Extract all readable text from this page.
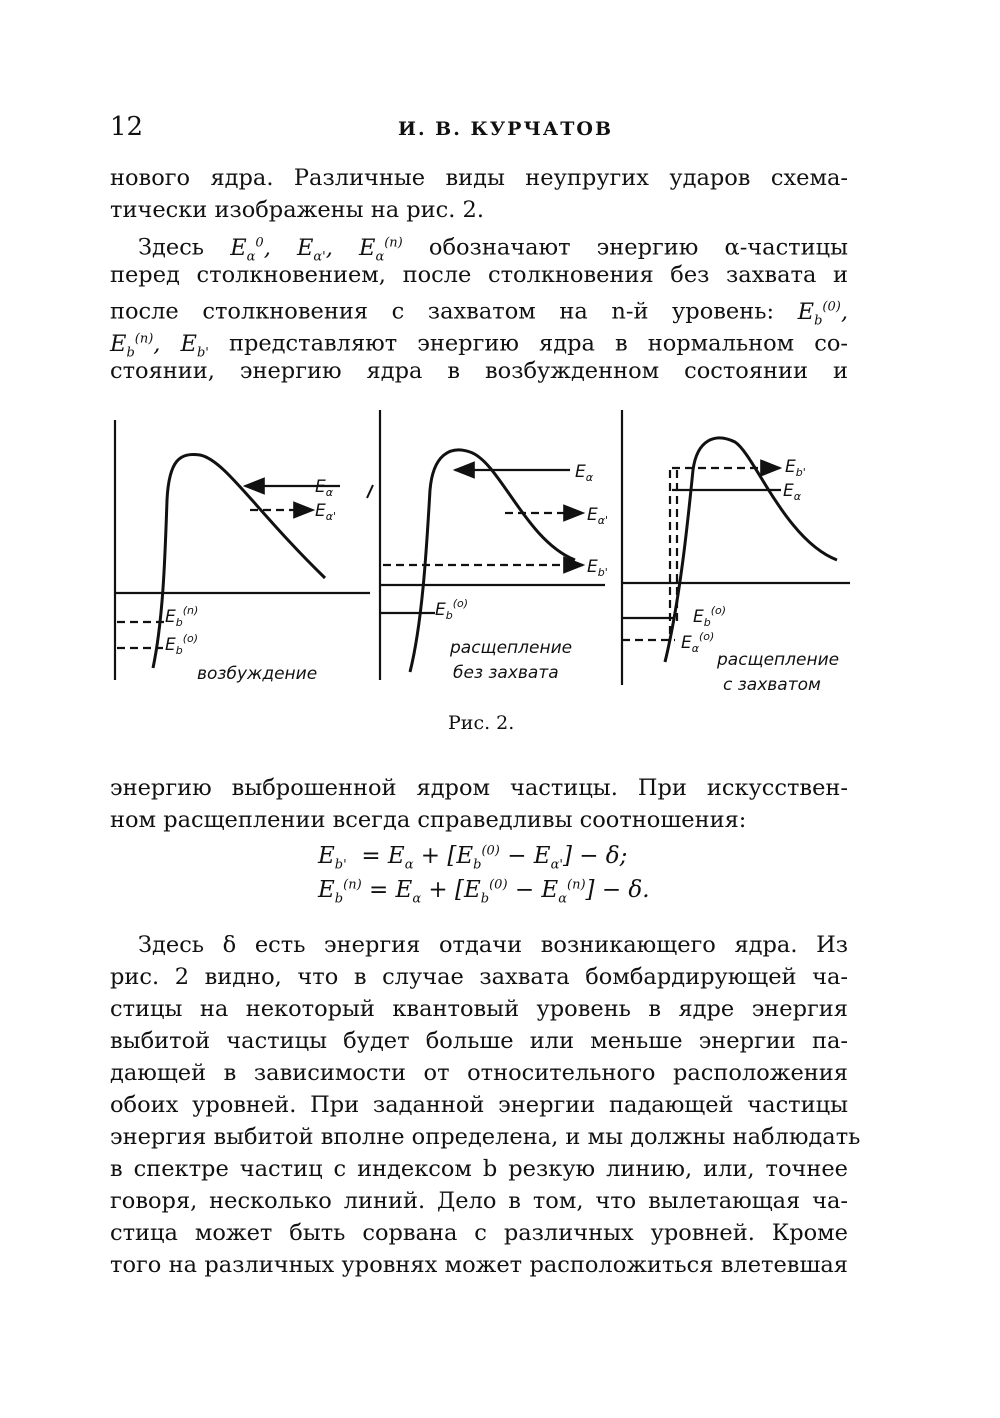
12	И. В. КУРЧАТОВ
нового ядра. Различные виды неупругих ударов схема-
тически изображены на рис. 2.
Здесь $E_\alpha^0$, $E_{\alpha'}$, $E_\alpha^{(n)}$ обозначают энергию α-частицы
перед столкновением, после столкновения без захвата и
после столкновения с захватом на n-й уровень: $E_b^{(0)}$,
$E_b^{(n)}$, $E_{b'}$ представляют энергию ядра в нормальном со-
стоянии, энергию ядра в возбужденном состоянии и
$E_\alpha$
$E_{\alpha'}$
$E_b^{(n)}$
$E_b^{(o)}$
возбуждение
$E_\alpha$
$E_{\alpha'}$
$E_{b'}$
$E_b^{(o)}$
расщепление
без захвата
$E_{b'}$
$E_\alpha$
$E_b^{(o)}$
$E_\alpha^{(o)}$
расщепление
с захватом
Рис. 2.
энергию выброшенной ядром частицы. При искусствен-
ном расщеплении всегда справедливы соотношения:
$E_{b'} = E_\alpha + [E_b^{(0)} - E_{\alpha'}] - \delta$;
$E_b^{(n)} = E_\alpha + [E_b^{(0)} - E_\alpha^{(n)}] - \delta$.
Здесь δ есть энергия отдачи возникающего ядра. Из
рис. 2 видно, что в случае захвата бомбардирующей ча-
стицы на некоторый квантовый уровень в ядре энергия
выбитой частицы будет больше или меньше энергии па-
дающей в зависимости от относительного расположения
обоих уровней. При заданной энергии падающей частицы
энергия выбитой вполне определена, и мы должны наблюдать
в спектре частиц с индексом b резкую линию, или, точнее
говоря, несколько линий. Дело в том, что вылетающая ча-
стица может быть сорвана с различных уровней. Кроме
того на различных уровнях может расположиться влетевшая
